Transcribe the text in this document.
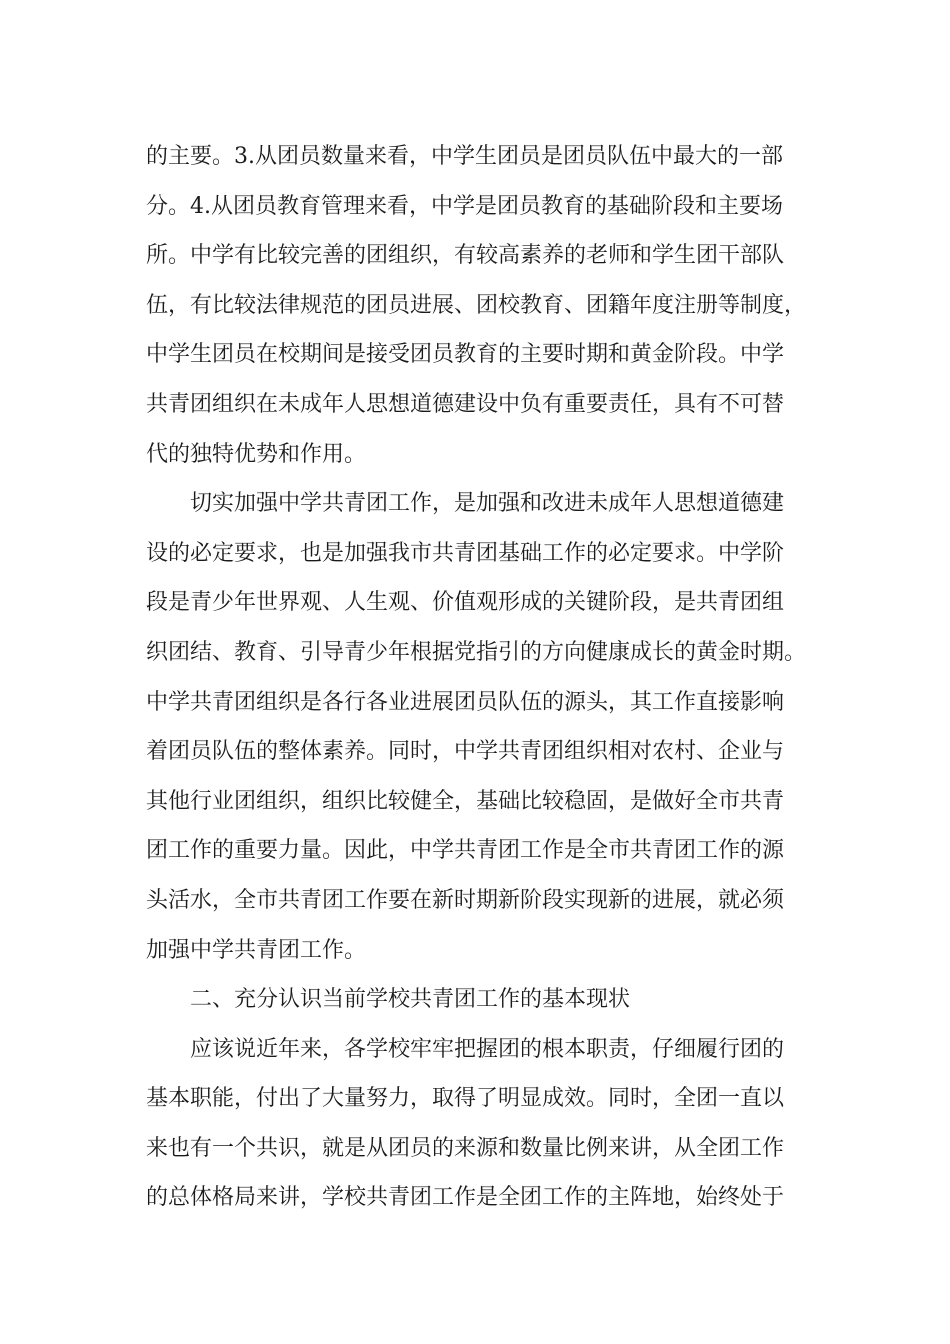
的主要。3.从团员数量来看，中学生团员是团员队伍中最大的一部
分。4.从团员教育管理来看，中学是团员教育的基础阶段和主要场
所。中学有比较完善的团组织，有较高素养的老师和学生团干部队
伍，有比较法律规范的团员进展、团校教育、团籍年度注册等制度，
中学生团员在校期间是接受团员教育的主要时期和黄金阶段。中学
共青团组织在未成年人思想道德建设中负有重要责任，具有不可替
代的独特优势和作用。
切实加强中学共青团工作，是加强和改进未成年人思想道德建
设的必定要求，也是加强我市共青团基础工作的必定要求。中学阶
段是青少年世界观、人生观、价值观形成的关键阶段，是共青团组
织团结、教育、引导青少年根据党指引的方向健康成长的黄金时期。
中学共青团组织是各行各业进展团员队伍的源头，其工作直接影响
着团员队伍的整体素养。同时，中学共青团组织相对农村、企业与
其他行业团组织，组织比较健全，基础比较稳固，是做好全市共青
团工作的重要力量。因此，中学共青团工作是全市共青团工作的源
头活水，全市共青团工作要在新时期新阶段实现新的进展，就必须
加强中学共青团工作。
二、充分认识当前学校共青团工作的基本现状
应该说近年来，各学校牢牢把握团的根本职责，仔细履行团的
基本职能，付出了大量努力，取得了明显成效。同时，全团一直以
来也有一个共识，就是从团员的来源和数量比例来讲，从全团工作
的总体格局来讲，学校共青团工作是全团工作的主阵地，始终处于
